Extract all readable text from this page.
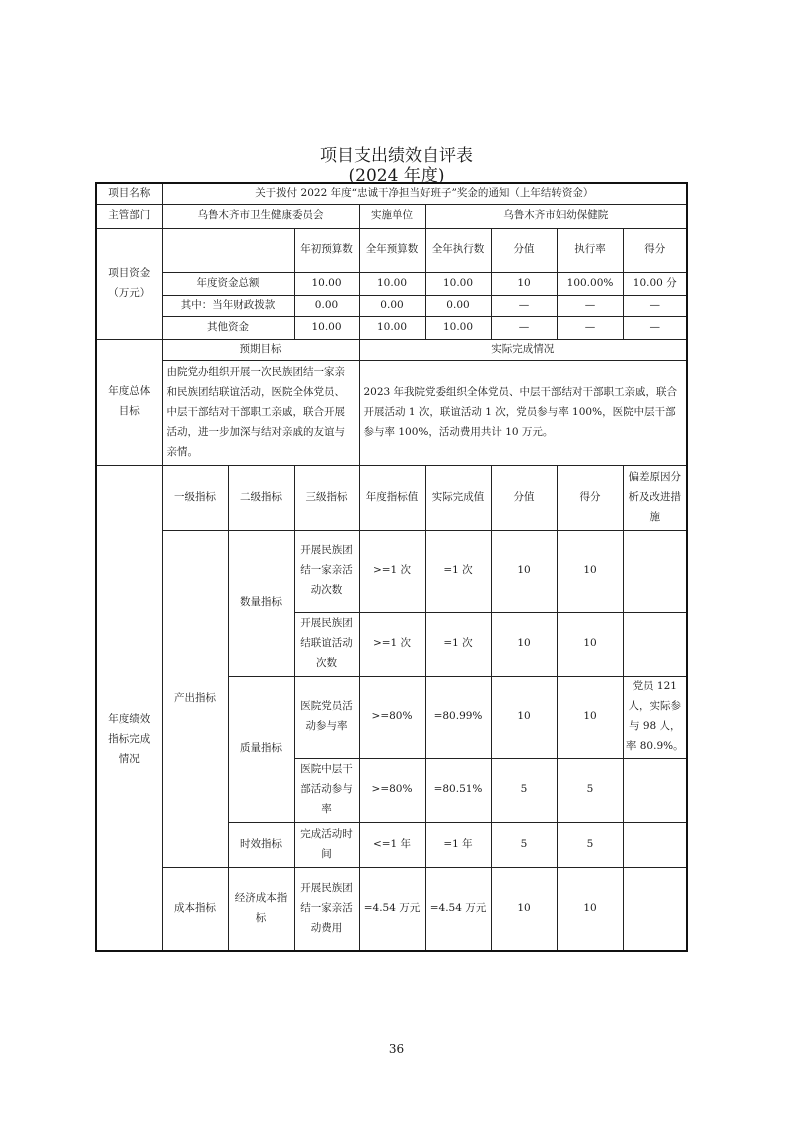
项目支出绩效自评表
(2024 年度)
项目名称	关于拨付 2022 年度“忠诚干净担当好班子”奖金的通知（上年结转资金）							
主管部门	乌鲁木齐市卫生健康委员会			实施单位	乌鲁木齐市妇幼保健院			

项目资金
（万元）			年初预算数	全年预算数	全年执行数	分值	执行率	得分
	年度资金总额		10.00	10.00	10.00	10	100.00%	10.00 分
	其中：当年财政拨款		0.00	0.00	0.00	—	—	—
	其他资金		10.00	10.00	10.00	—	—	—

年度总体
目标	预期目标			实际完成情况				
	由院党办组织开展一次民族团结一家亲和民族团结联谊活动，医院全体党员、中层干部结对干部职工亲戚，联合开展活动，进一步加深与结对亲戚的友谊与亲情。			2023 年我院党委组织全体党员、中层干部结对干部职工亲戚，联合开展活动 1 次，联谊活动 1 次，党员参与率 100%，医院中层干部参与率 100%，活动费用共计 10 万元。				
	一级指标	二级指标	三级指标	年度指标值	实际完成值	分值	得分	偏差原因分析及改进措施

年度绩效
指标完成
情况	产出指标	数量指标	开展民族团结一家亲活动次数	>=1 次	=1 次	10	10	
			开展民族团结联谊活动次数	>=1 次	=1 次	10	10	
		质量指标	医院党员活动参与率	>=80%	=80.99%	10	10	党员 121 人，实际参与 98 人，率 80.9%。
			医院中层干部活动参与率	>=80%	=80.51%	5	5	
		时效指标	完成活动时间	<=1 年	=1 年	5	5	
	成本指标	经济成本指标	开展民族团结一家亲活动费用	=4.54 万元	=4.54 万元	10	10	
36
